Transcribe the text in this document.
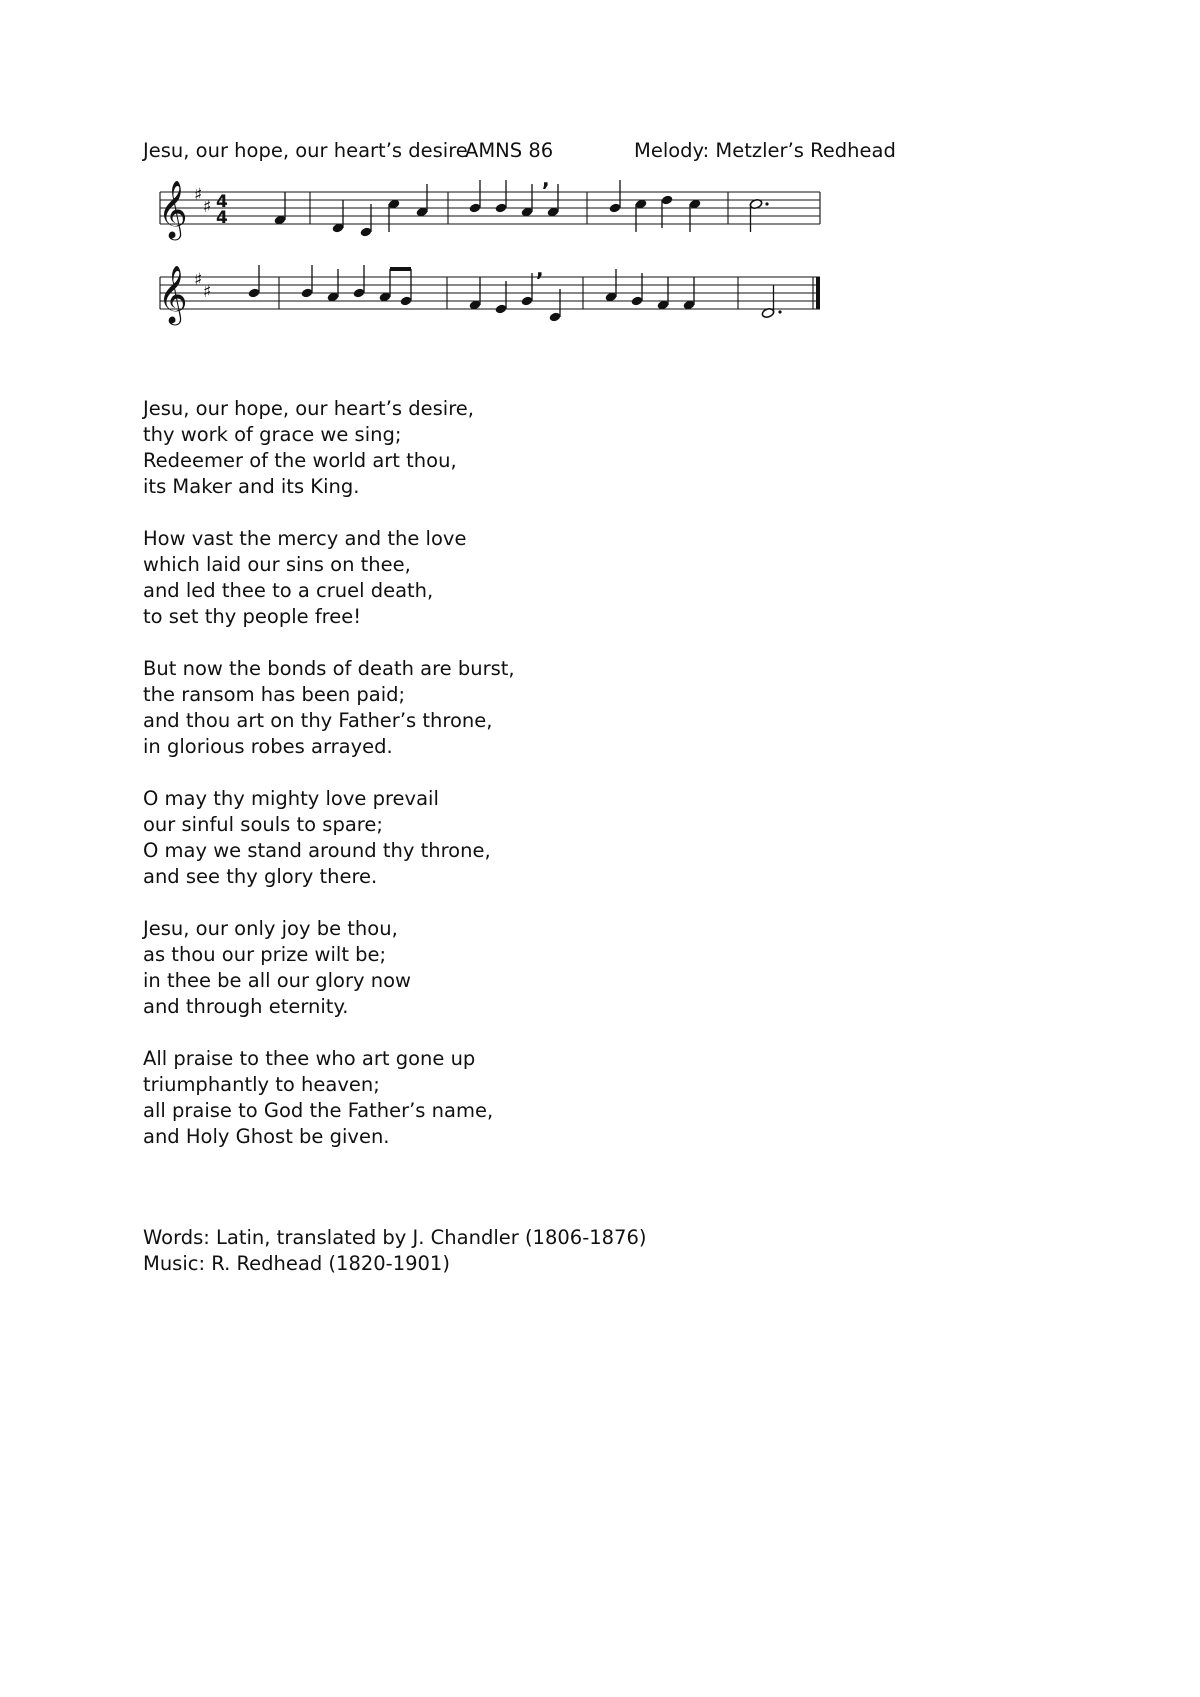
Jesu, our hope, our heart’s desire
AMNS 86	Melody: Metzler’s Redhead
𝄞 ♯
♯ 4
4
,
𝄞 ♯
♯
,
Jesu, our hope, our heart’s desire,
thy work of grace we sing;
Redeemer of the world art thou,
its Maker and its King.
How vast the mercy and the love
which laid our sins on thee,
and led thee to a cruel death,
to set thy people free!
But now the bonds of death are burst,
the ransom has been paid;
and thou art on thy Father’s throne,
in glorious robes arrayed.
O may thy mighty love prevail
our sinful souls to spare;
O may we stand around thy throne,
and see thy glory there.
Jesu, our only joy be thou,
as thou our prize wilt be;
in thee be all our glory now
and through eternity.
All praise to thee who art gone up
triumphantly to heaven;
all praise to God the Father’s name,
and Holy Ghost be given.
Words: Latin, translated by J. Chandler (1806-1876)
Music: R. Redhead (1820-1901)
